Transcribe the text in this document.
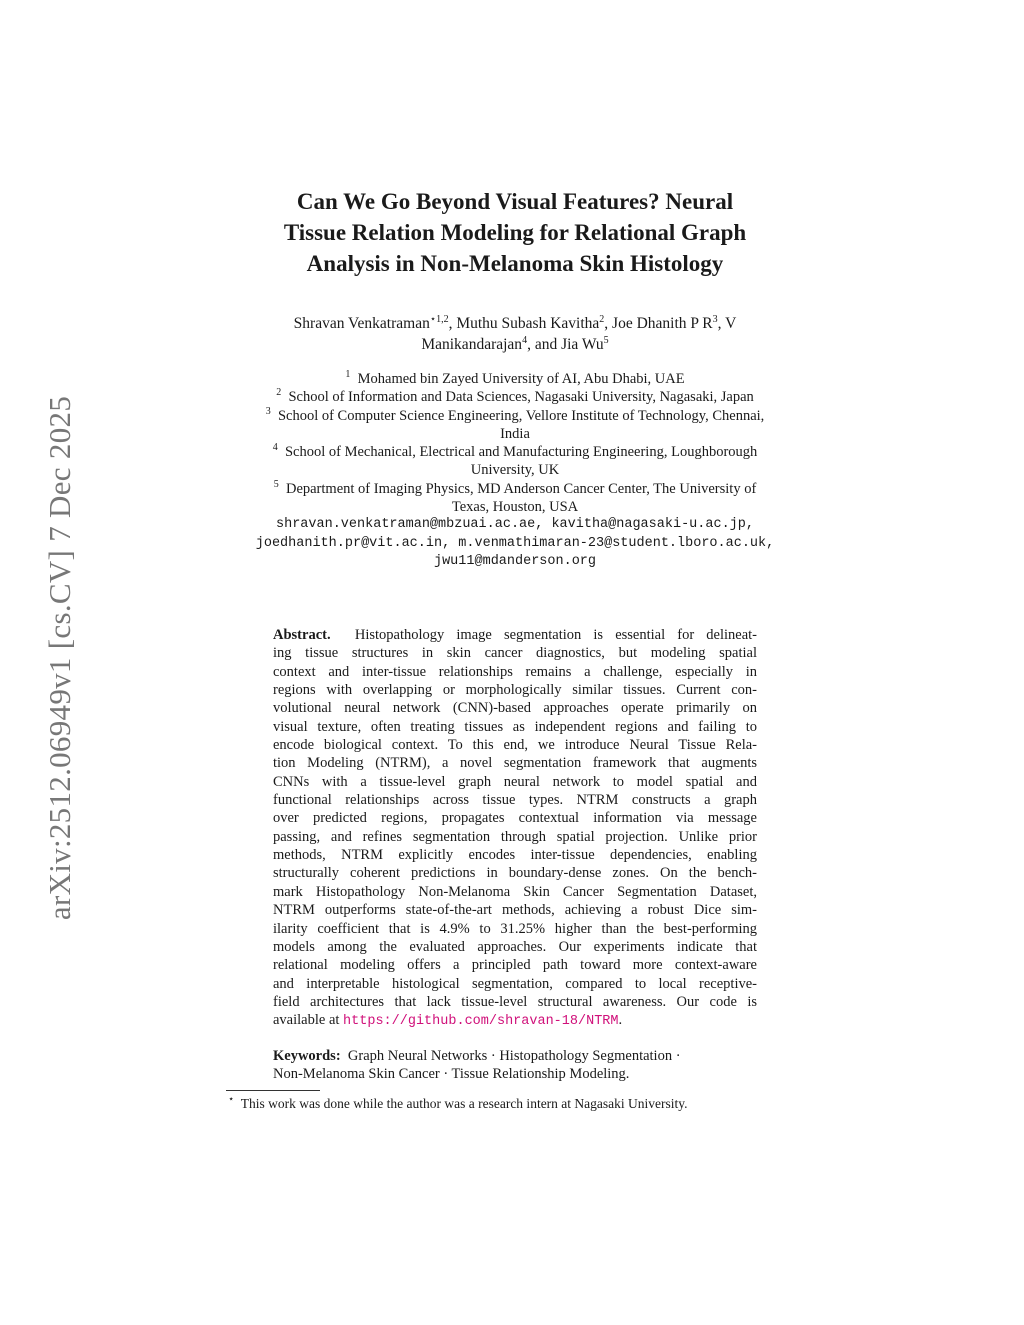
arXiv:2512.06949v1 [cs.CV] 7 Dec 2025
Can We Go Beyond Visual Features? Neural
Tissue Relation Modeling for Relational Graph
Analysis in Non-Melanoma Skin Histology
Shravan Venkatraman$^{⋆1,2}$, Muthu Subash Kavitha$^2$, Joe Dhanith P $R^3$, V
Manikandarajan$^4$, and Jia Wu$^5$
$^1$ Mohamed bin Zayed University of AI, Abu Dhabi, UAE
$^2$ School of Information and Data Sciences, Nagasaki University, Nagasaki, Japan
$^3$ School of Computer Science Engineering, Vellore Institute of Technology, Chennai,
India
$^4$ School of Mechanical, Electrical and Manufacturing Engineering, Loughborough
University, UK
$^5$ Department of Imaging Physics, MD Anderson Cancer Center, The University of
Texas, Houston, USA
shravan.venkatraman@mbzuai.ac.ae, kavitha@nagasaki-u.ac.jp,
joedhanith.pr@vit.ac.in, m.venmathimaran-23@student.lboro.ac.uk,
jwu11@mdanderson.org
Abstract. Histopathology image segmentation is essential for delineat-
ing tissue structures in skin cancer diagnostics, but modeling spatial
context and inter-tissue relationships remains a challenge, especially in
regions with overlapping or morphologically similar tissues. Current con-
volutional neural network (CNN)-based approaches operate primarily on
visual texture, often treating tissues as independent regions and failing to
encode biological context. To this end, we introduce Neural Tissue Rela-
tion Modeling (NTRM), a novel segmentation framework that augments
CNNs with a tissue-level graph neural network to model spatial and
functional relationships across tissue types. NTRM constructs a graph
over predicted regions, propagates contextual information via message
passing, and refines segmentation through spatial projection. Unlike prior
methods, NTRM explicitly encodes inter-tissue dependencies, enabling
structurally coherent predictions in boundary-dense zones. On the bench-
mark Histopathology Non-Melanoma Skin Cancer Segmentation Dataset,
NTRM outperforms state-of-the-art methods, achieving a robust Dice sim-
ilarity coefficient that is 4.9% to 31.25% higher than the best-performing
models among the evaluated approaches. Our experiments indicate that
relational modeling offers a principled path toward more context-aware
and interpretable histological segmentation, compared to local receptive-
field architectures that lack tissue-level structural awareness. Our code is
available at https://github.com/shravan-18/NTRM.
Keywords: Graph Neural Networks · Histopathology Segmentation ·
Non-Melanoma Skin Cancer · Tissue Relationship Modeling.
⋆ This work was done while the author was a research intern at Nagasaki University.
